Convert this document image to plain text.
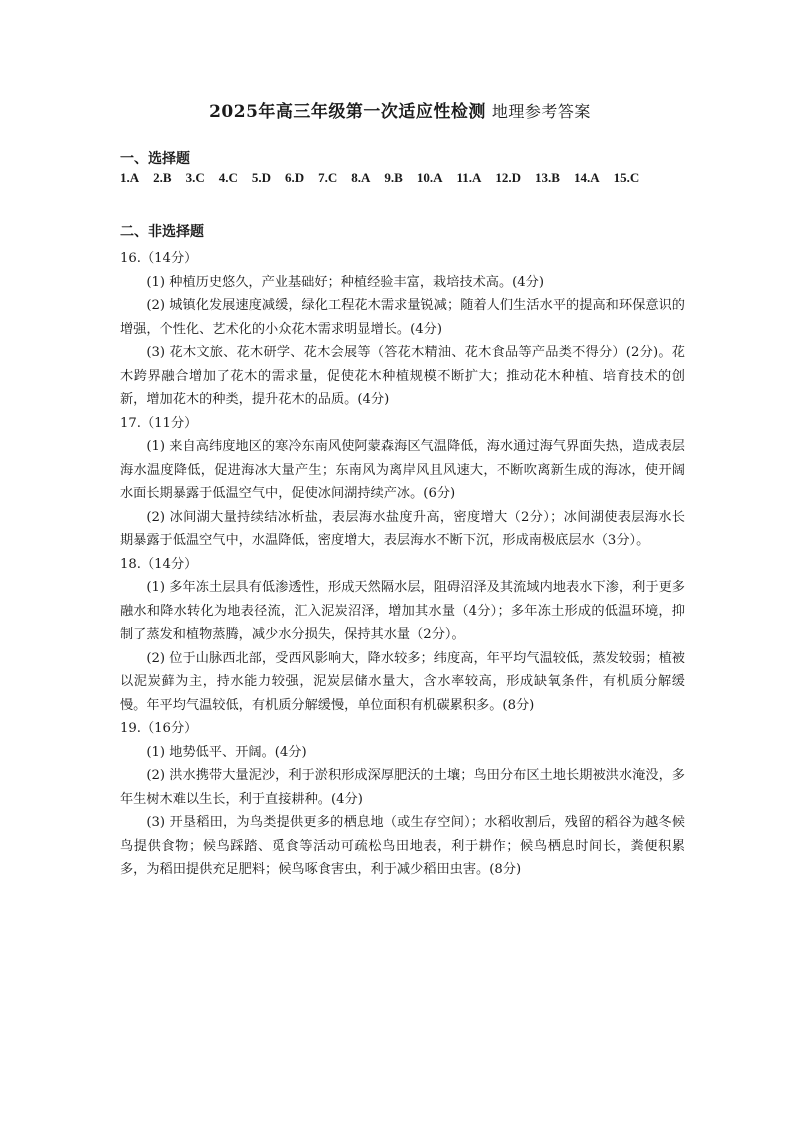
2025年高三年级第一次适应性检测 地理参考答案
一、选择题
1.A 2.B 3.C 4.C 5.D 6.D 7.C 8.A 9.B 10.A 11.A 12.D 13.B 14.A 15.C
二、非选择题

16.（14分）

(1) 种植历史悠久，产业基础好；种植经验丰富，栽培技术高。(4分)

(2) 城镇化发展速度减缓，绿化工程花木需求量锐减；随着人们生活水平的提高和环保意识的增强，个性化、艺术化的小众花木需求明显增长。(4分)

(3) 花木文旅、花木研学、花木会展等（答花木精油、花木食品等产品类不得分）(2分)。花木跨界融合增加了花木的需求量，促使花木种植规模不断扩大；推动花木种植、培育技术的创新，增加花木的种类，提升花木的品质。(4分)

17.（11分）

(1) 来自高纬度地区的寒冷东南风使阿蒙森海区气温降低，海水通过海气界面失热，造成表层海水温度降低，促进海冰大量产生；东南风为离岸风且风速大，不断吹离新生成的海冰，使开阔水面长期暴露于低温空气中，促使冰间湖持续产冰。(6分)

(2) 冰间湖大量持续结冰析盐，表层海水盐度升高，密度增大（2分）；冰间湖使表层海水长期暴露于低温空气中，水温降低，密度增大，表层海水不断下沉，形成南极底层水（3分）。

18.（14分）

(1) 多年冻土层具有低渗透性，形成天然隔水层，阻碍沼泽及其流域内地表水下渗，利于更多融水和降水转化为地表径流，汇入泥炭沼泽，增加其水量（4分）；多年冻土形成的低温环境，抑制了蒸发和植物蒸腾，减少水分损失，保持其水量（2分）。

(2) 位于山脉西北部，受西风影响大，降水较多；纬度高，年平均气温较低，蒸发较弱；植被以泥炭藓为主，持水能力较强，泥炭层储水量大，含水率较高，形成缺氧条件，有机质分解缓慢。年平均气温较低，有机质分解缓慢，单位面积有机碳累积多。(8分)

19.（16分）

(1) 地势低平、开阔。(4分)

(2) 洪水携带大量泥沙，利于淤积形成深厚肥沃的土壤；鸟田分布区土地长期被洪水淹没，多年生树木难以生长，利于直接耕种。(4分)

(3) 开垦稻田，为鸟类提供更多的栖息地（或生存空间）；水稻收割后，残留的稻谷为越冬候鸟提供食物；候鸟踩踏、觅食等活动可疏松鸟田地表，利于耕作；候鸟栖息时间长，粪便积累多，为稻田提供充足肥料；候鸟啄食害虫，利于减少稻田虫害。(8分)
